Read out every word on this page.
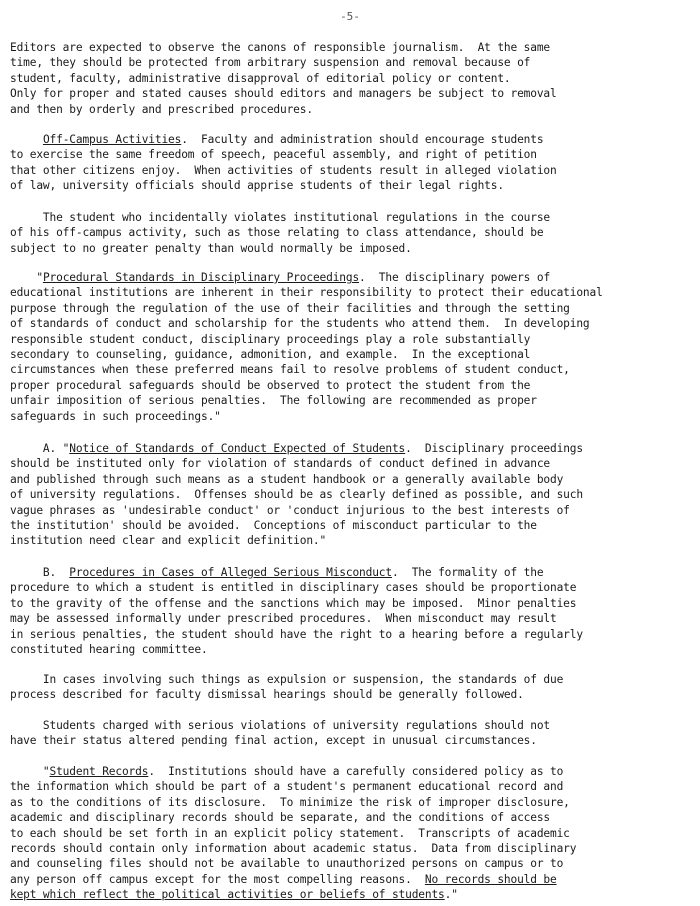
-5-
Editors are expected to observe the canons of responsible journalism.  At the same
time, they should be protected from arbitrary suspension and removal because of
student, faculty, administrative disapproval of editorial policy or content.
Only for proper and stated causes should editors and managers be subject to removal
and then by orderly and prescribed procedures.
Off-Campus Activities.  Faculty and administration should encourage students
to exercise the same freedom of speech, peaceful assembly, and right of petition
that other citizens enjoy.  When activities of students result in alleged violation
of law, university officials should apprise students of their legal rights.
The student who incidentally violates institutional regulations in the course
of his off-campus activity, such as those relating to class attendance, should be
subject to no greater penalty than would normally be imposed.
"Procedural Standards in Disciplinary Proceedings.  The disciplinary powers of
educational institutions are inherent in their responsibility to protect their educational
purpose through the regulation of the use of their facilities and through the setting
of standards of conduct and scholarship for the students who attend them.  In developing
responsible student conduct, disciplinary proceedings play a role substantially
secondary to counseling, guidance, admonition, and example.  In the exceptional
circumstances when these preferred means fail to resolve problems of student conduct,
proper procedural safeguards should be observed to protect the student from the
unfair imposition of serious penalties.  The following are recommended as proper
safeguards in such proceedings."
A. "Notice of Standards of Conduct Expected of Students.  Disciplinary proceedings
should be instituted only for violation of standards of conduct defined in advance
and published through such means as a student handbook or a generally available body
of university regulations.  Offenses should be as clearly defined as possible, and such
vague phrases as 'undesirable conduct' or 'conduct injurious to the best interests of
the institution' should be avoided.  Conceptions of misconduct particular to the
institution need clear and explicit definition."
B.  Procedures in Cases of Alleged Serious Misconduct.  The formality of the
procedure to which a student is entitled in disciplinary cases should be proportionate
to the gravity of the offense and the sanctions which may be imposed.  Minor penalties
may be assessed informally under prescribed procedures.  When misconduct may result
in serious penalties, the student should have the right to a hearing before a regularly
constituted hearing committee.
In cases involving such things as expulsion or suspension, the standards of due
process described for faculty dismissal hearings should be generally followed.
Students charged with serious violations of university regulations should not
have their status altered pending final action, except in unusual circumstances.
"Student Records.  Institutions should have a carefully considered policy as to
the information which should be part of a student's permanent educational record and
as to the conditions of its disclosure.  To minimize the risk of improper disclosure,
academic and disciplinary records should be separate, and the conditions of access
to each should be set forth in an explicit policy statement.  Transcripts of academic
records should contain only information about academic status.  Data from disciplinary
and counseling files should not be available to unauthorized persons on campus or to
any person off campus except for the most compelling reasons.  No records should be
kept which reflect the political activities or beliefs of students."
